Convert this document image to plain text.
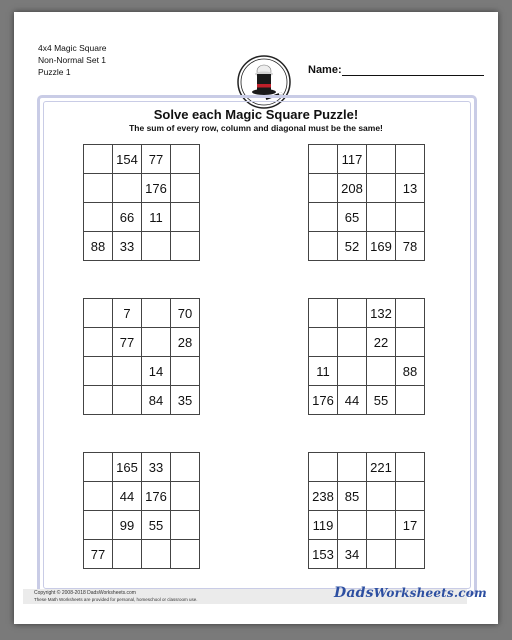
4x4 Magic Square
Non-Normal Set 1
Puzzle 1	Name:
Solve each Magic Square Puzzle!
The sum of every row, column and diagonal must be the same!
	154	77	
		176	
	66	11	
88	33		
	117		
	208		13
	65		
	52	169	78
	7		70
	77		28
		14	
		84	35
		132	
		22	
11			88
176	44	55	
	165	33	
	44	176	
	99	55	
77			
		221	
238	85		
119			17
153	34		
Copyright © 2008-2018 DadsWorksheets.com
These Math Worksheets are provided for personal, homeschool or classroom use.	DadsWorksheets.com
